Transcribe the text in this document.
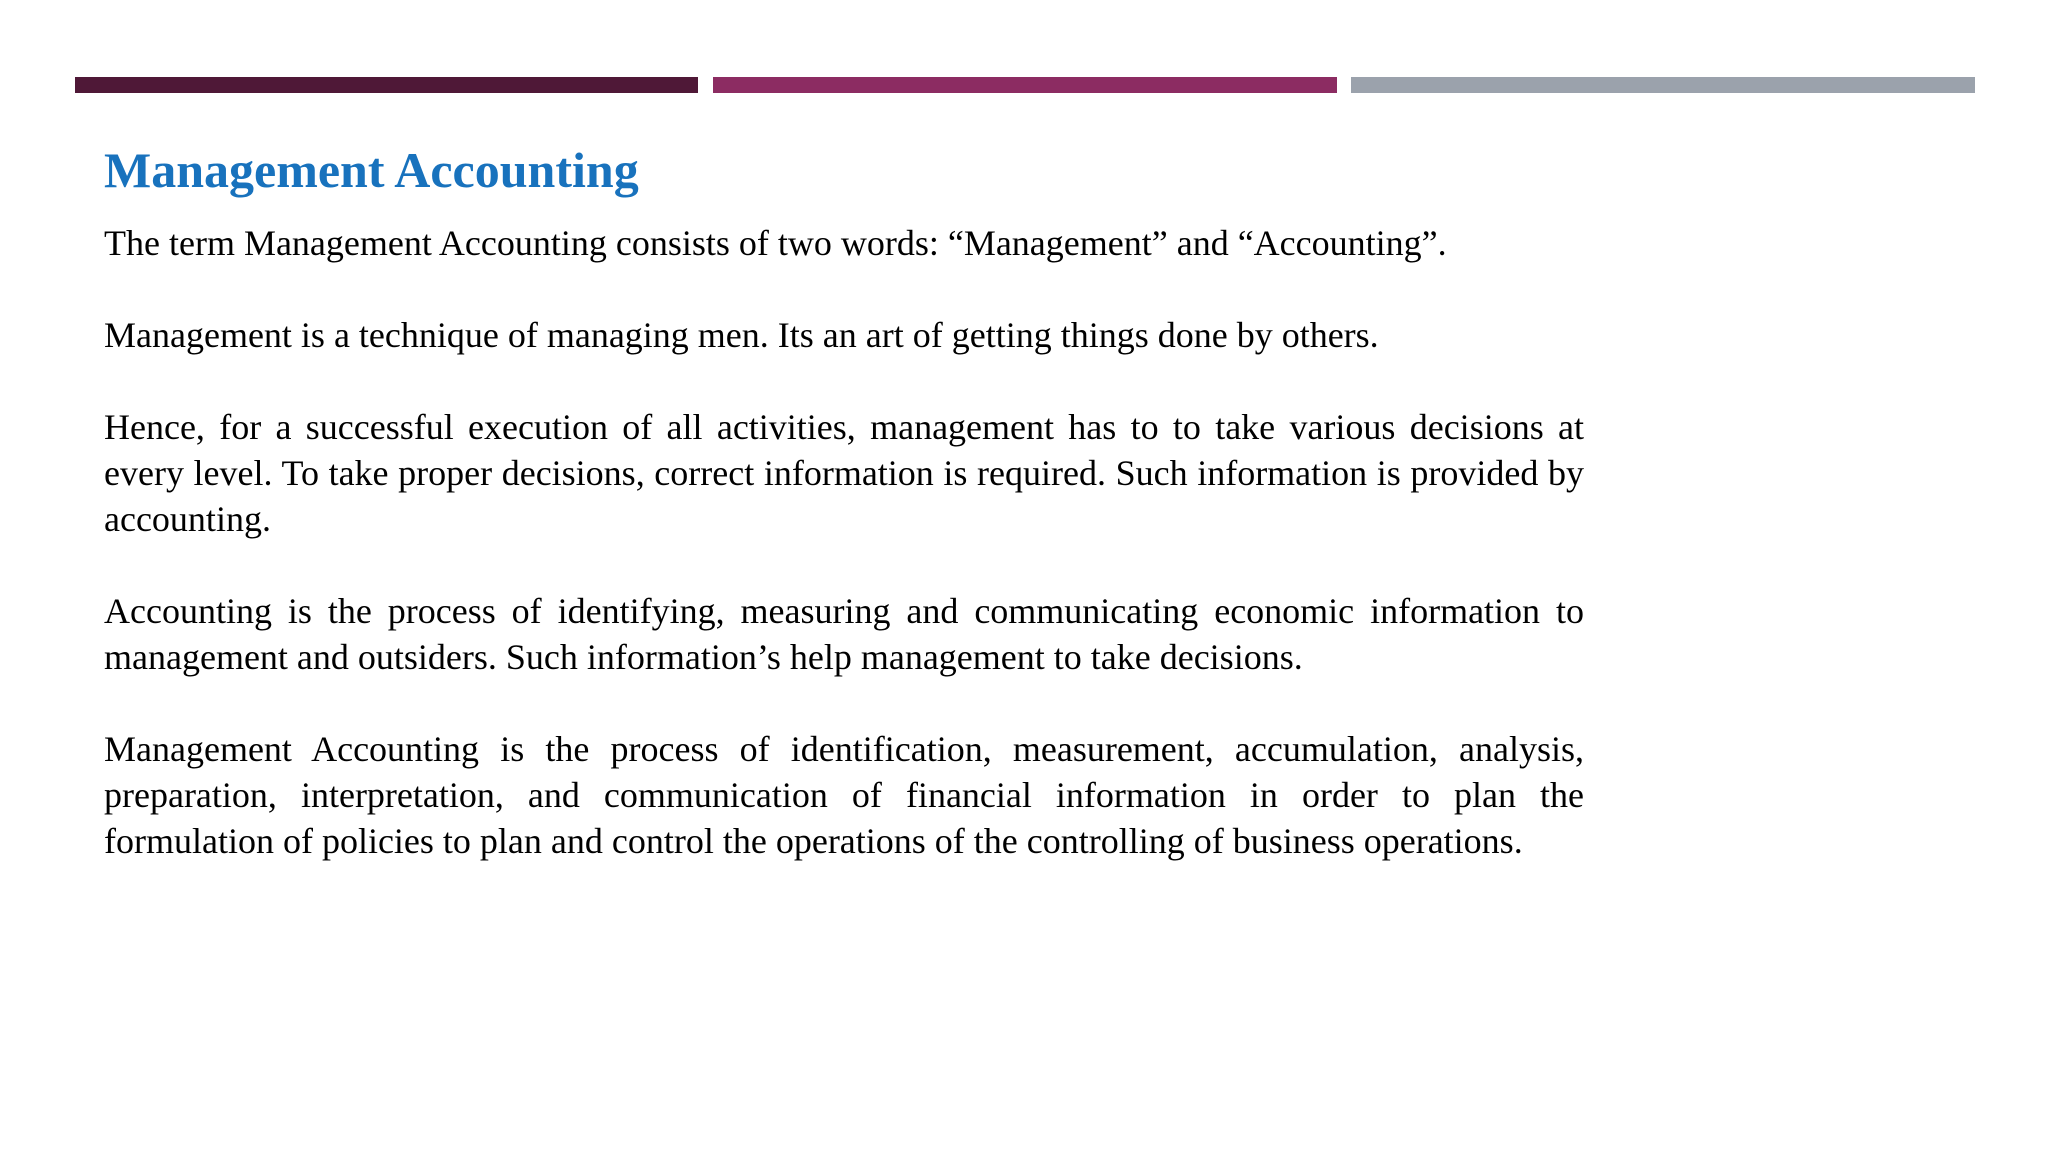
Management Accounting

The term Management Accounting consists of two words: “Management” and “Accounting”.

Management is a technique of managing men. Its an art of getting things done by others.

Hence, for a successful execution of all activities, management has to to take various decisions at every level. To take proper decisions, correct information is required. Such information is provided by accounting.

Accounting is the process of identifying, measuring and communicating economic information to management and outsiders. Such information’s help management to take decisions.

Management Accounting is the process of identification, measurement, accumulation, analysis, preparation, interpretation, and communication of financial information in order to plan the formulation of policies to plan and control the operations of the controlling of business operations.
